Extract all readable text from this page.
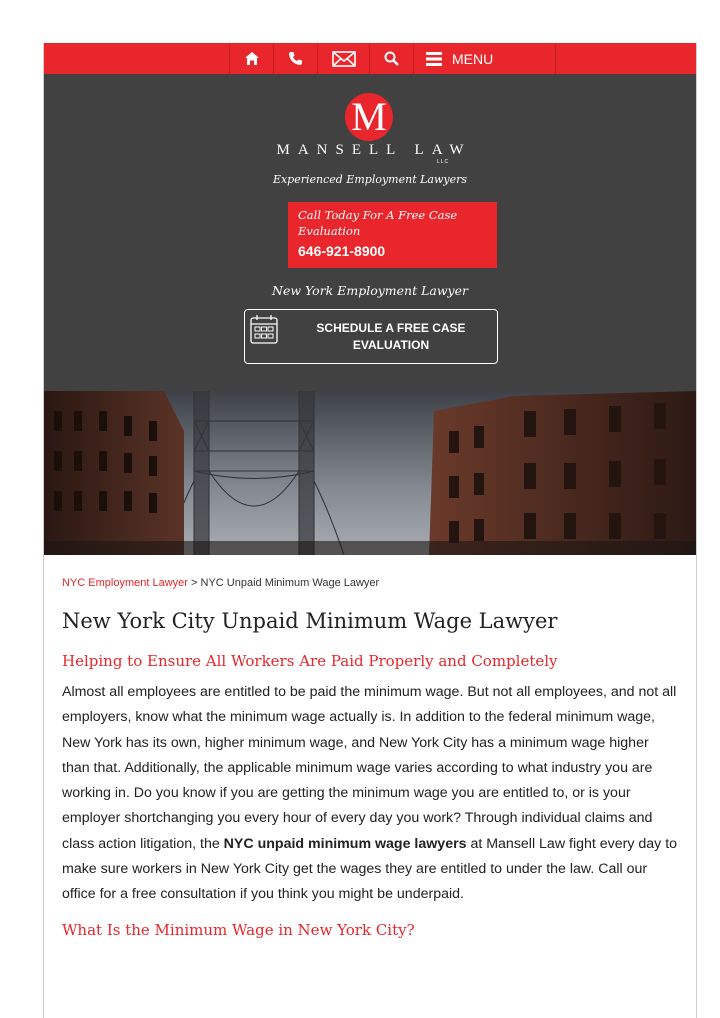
MENU
M
MANSELL LAW
LLC
Experienced Employment Lawyers
Call Today For A Free Case Evaluation
646-921-8900
New York Employment Lawyer
SCHEDULE A FREE CASE EVALUATION
NYC Employment Lawyer > NYC Unpaid Minimum Wage Lawyer
New York City Unpaid Minimum Wage Lawyer
Helping to Ensure All Workers Are Paid Properly and Completely
Almost all employees are entitled to be paid the minimum wage. But not all employees, and not all employers, know what the minimum wage actually is. In addition to the federal minimum wage, New York has its own, higher minimum wage, and New York City has a minimum wage higher than that. Additionally, the applicable minimum wage varies according to what industry you are working in. Do you know if you are getting the minimum wage you are entitled to, or is your employer shortchanging you every hour of every day you work? Through individual claims and class action litigation, the NYC unpaid minimum wage lawyers at Mansell Law fight every day to make sure workers in New York City get the wages they are entitled to under the law. Call our office for a free consultation if you think you might be underpaid.
What Is the Minimum Wage in New York City?
